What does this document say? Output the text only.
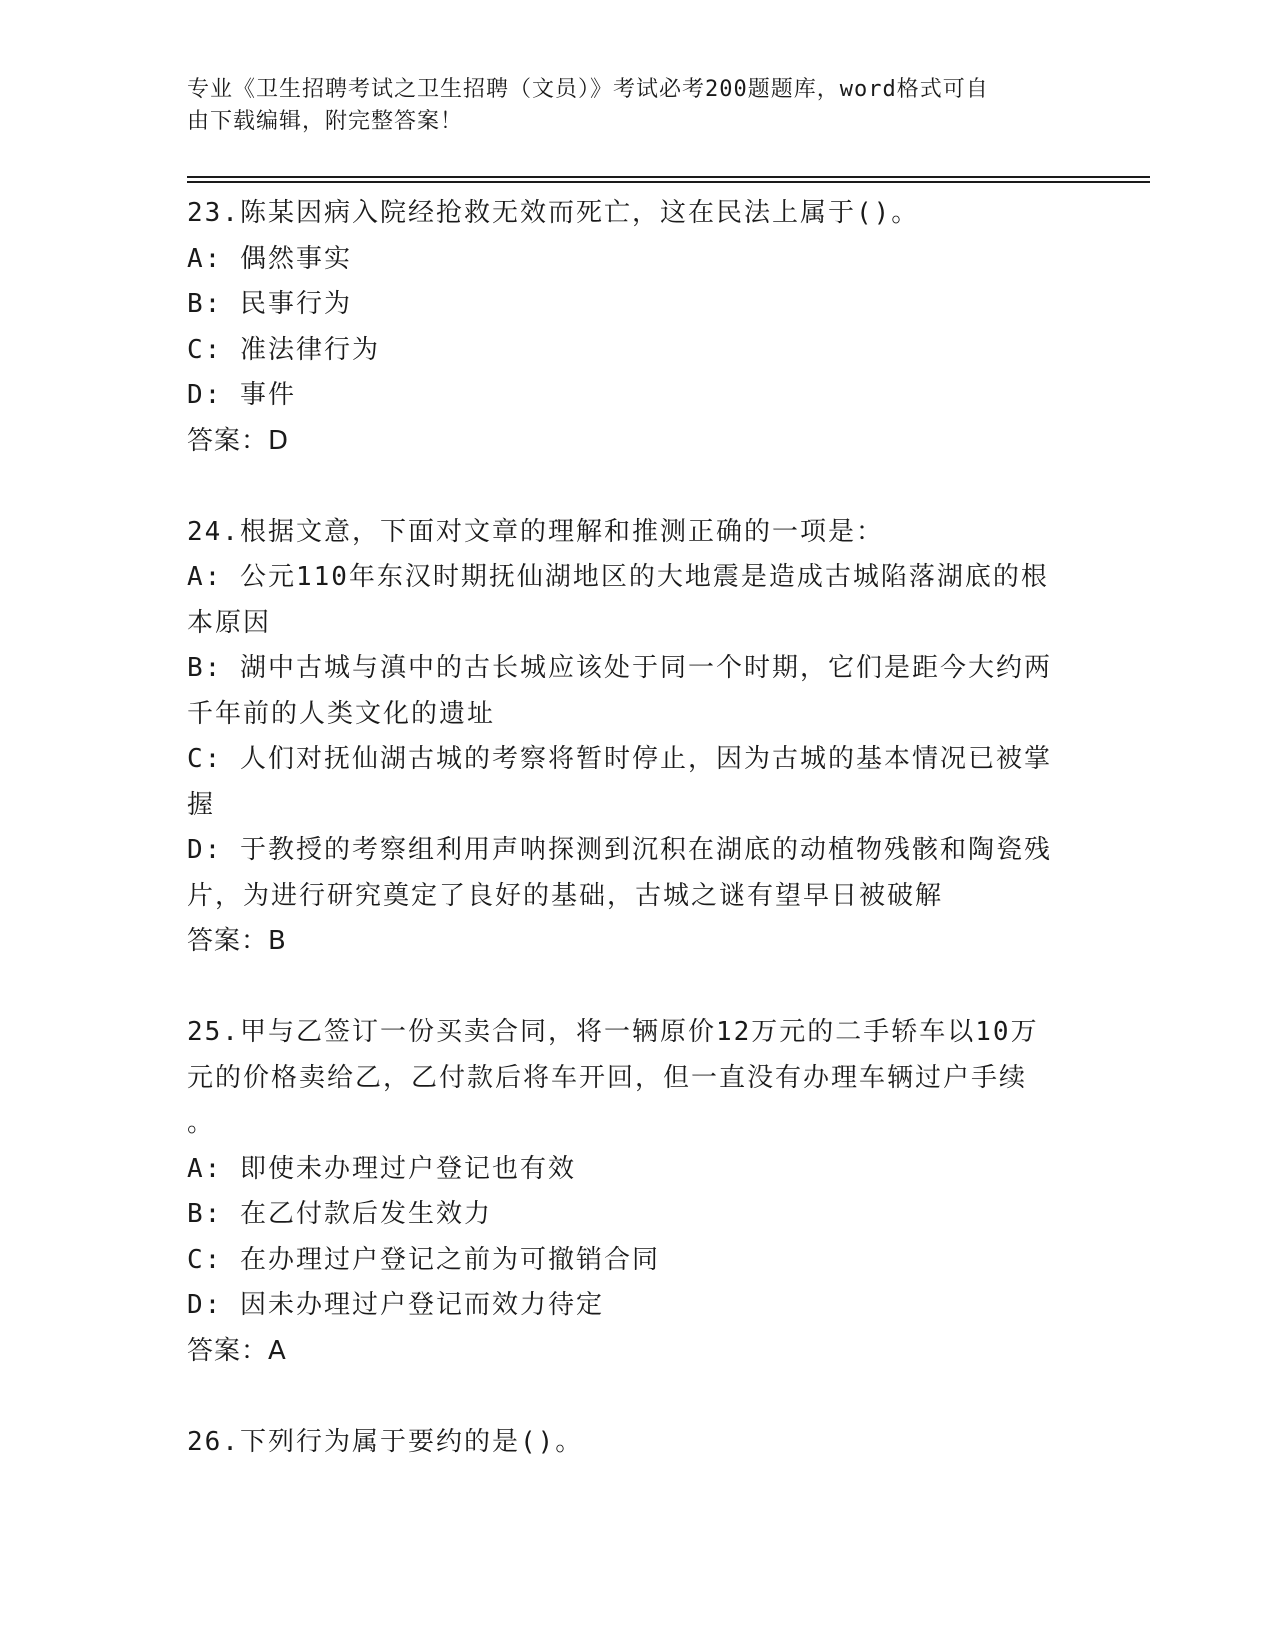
专业《卫生招聘考试之卫生招聘（文员）》考试必考200题题库，word格式可自

由下载编辑，附完整答案！

23.陈某因病入院经抢救无效而死亡，这在民法上属于()。

A: 偶然事实

B: 民事行为

C: 准法律行为

D: 事件

答案：D

24.根据文意，下面对文章的理解和推测正确的一项是：

A: 公元110年东汉时期抚仙湖地区的大地震是造成古城陷落湖底的根

本原因

B: 湖中古城与滇中的古长城应该处于同一个时期，它们是距今大约两

千年前的人类文化的遗址

C: 人们对抚仙湖古城的考察将暂时停止，因为古城的基本情况已被掌

握

D: 于教授的考察组利用声呐探测到沉积在湖底的动植物残骸和陶瓷残

片，为进行研究奠定了良好的基础，古城之谜有望早日被破解

答案：B

25.甲与乙签订一份买卖合同，将一辆原价12万元的二手轿车以10万

元的价格卖给乙，乙付款后将车开回，但一直没有办理车辆过户手续

。

A: 即使未办理过户登记也有效

B: 在乙付款后发生效力

C: 在办理过户登记之前为可撤销合同

D: 因未办理过户登记而效力待定

答案：A

26.下列行为属于要约的是()。
